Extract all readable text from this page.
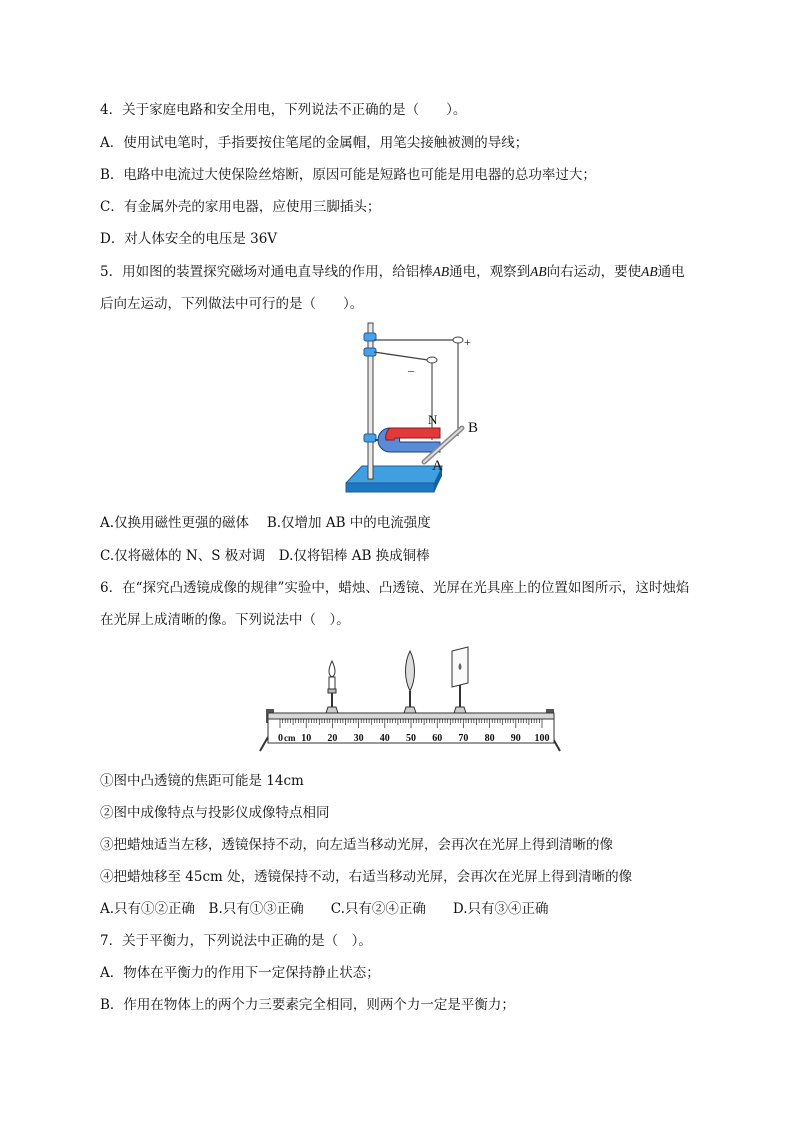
4．关于家庭电路和安全用电，下列说法不正确的是（　　）。
A．使用试电笔时，手指要按住笔尾的金属帽，用笔尖接触被测的导线；
B．电路中电流过大使保险丝熔断，原因可能是短路也可能是用电器的总功率过大；
C．有金属外壳的家用电器，应使用三脚插头；
D．对人体安全的电压是 36V
5．用如图的装置探究磁场对通电直导线的作用，给铝棒AB通电，观察到AB向右运动，要使AB通电
后向左运动，下列做法中可行的是（　　）。
+
–
N
B
A
A.仅换用磁性更强的磁体　 B.仅增加 AB 中的电流强度
C.仅将磁体的 N、S 极对调　D.仅将铝棒 AB 换成铜棒
6．在“探究凸透镜成像的规律”实验中，蜡烛、凸透镜、光屏在光具座上的位置如图所示，这时烛焰
在光屏上成清晰的像。下列说法中（　）。
0 10 20 30 40 50 60 70 80 90 100
cm
①图中凸透镜的焦距可能是 14cm
②图中成像特点与投影仪成像特点相同
③把蜡烛适当左移，透镜保持不动，向左适当移动光屏，会再次在光屏上得到清晰的像
④把蜡烛移至 45cm 处，透镜保持不动，右适当移动光屏，会再次在光屏上得到清晰的像
A.只有①②正确　B.只有①③正确　　C.只有②④正确　　D.只有③④正确
7．关于平衡力，下列说法中正确的是（　）。
A．物体在平衡力的作用下一定保持静止状态；
B．作用在物体上的两个力三要素完全相同，则两个力一定是平衡力；
